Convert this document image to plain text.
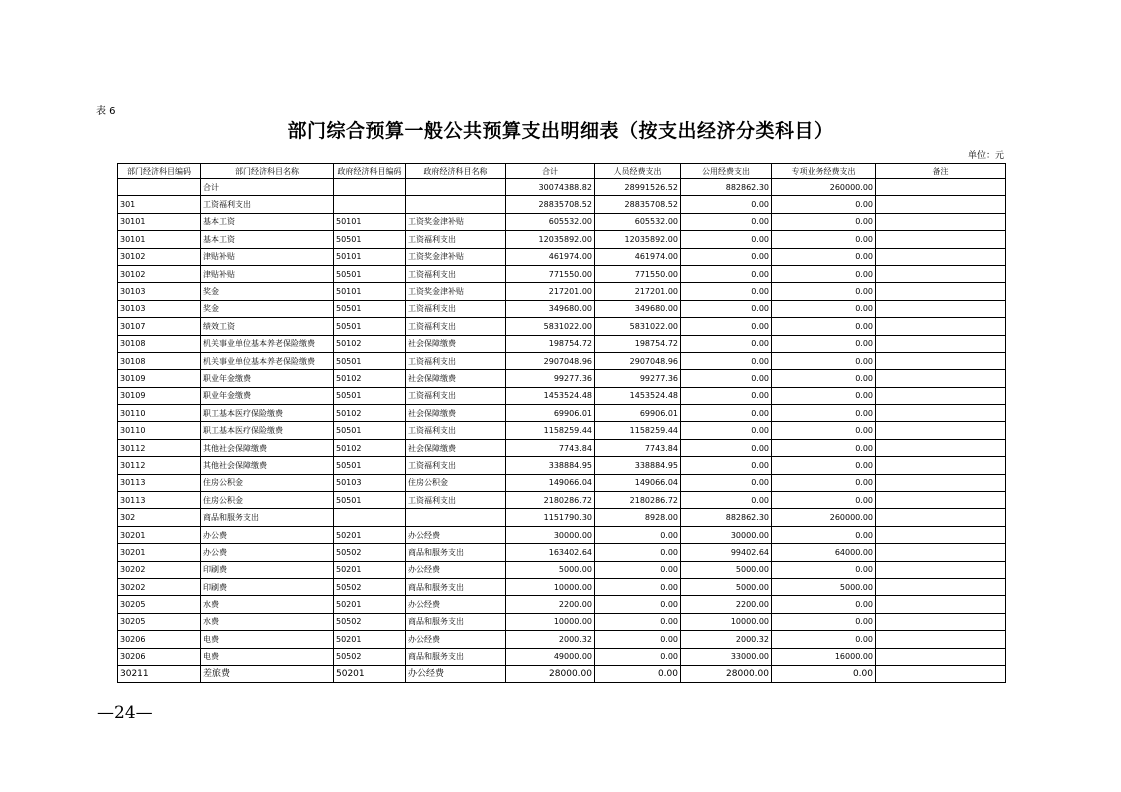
表 6
部门综合预算一般公共预算支出明细表（按支出经济分类科目）
单位：元
部门经济科目编码	部门经济科目名称	政府经济科目编码	政府经济科目名称	合计	人员经费支出	公用经费支出	专项业务经费支出	备注
	合计			30074388.82	28991526.52	882862.30	260000.00	
301	工资福利支出			28835708.52	28835708.52	0.00	0.00	
30101	基本工资	50101	工资奖金津补贴	605532.00	605532.00	0.00	0.00	
30101	基本工资	50501	工资福利支出	12035892.00	12035892.00	0.00	0.00	
30102	津贴补贴	50101	工资奖金津补贴	461974.00	461974.00	0.00	0.00	
30102	津贴补贴	50501	工资福利支出	771550.00	771550.00	0.00	0.00	
30103	奖金	50101	工资奖金津补贴	217201.00	217201.00	0.00	0.00	
30103	奖金	50501	工资福利支出	349680.00	349680.00	0.00	0.00	
30107	绩效工资	50501	工资福利支出	5831022.00	5831022.00	0.00	0.00	
30108	机关事业单位基本养老保险缴费	50102	社会保障缴费	198754.72	198754.72	0.00	0.00	
30108	机关事业单位基本养老保险缴费	50501	工资福利支出	2907048.96	2907048.96	0.00	0.00	
30109	职业年金缴费	50102	社会保障缴费	99277.36	99277.36	0.00	0.00	
30109	职业年金缴费	50501	工资福利支出	1453524.48	1453524.48	0.00	0.00	
30110	职工基本医疗保险缴费	50102	社会保障缴费	69906.01	69906.01	0.00	0.00	
30110	职工基本医疗保险缴费	50501	工资福利支出	1158259.44	1158259.44	0.00	0.00	
30112	其他社会保障缴费	50102	社会保障缴费	7743.84	7743.84	0.00	0.00	
30112	其他社会保障缴费	50501	工资福利支出	338884.95	338884.95	0.00	0.00	
30113	住房公积金	50103	住房公积金	149066.04	149066.04	0.00	0.00	
30113	住房公积金	50501	工资福利支出	2180286.72	2180286.72	0.00	0.00	
302	商品和服务支出			1151790.30	8928.00	882862.30	260000.00	
30201	办公费	50201	办公经费	30000.00	0.00	30000.00	0.00	
30201	办公费	50502	商品和服务支出	163402.64	0.00	99402.64	64000.00	
30202	印刷费	50201	办公经费	5000.00	0.00	5000.00	0.00	
30202	印刷费	50502	商品和服务支出	10000.00	0.00	5000.00	5000.00	
30205	水费	50201	办公经费	2200.00	0.00	2200.00	0.00	
30205	水费	50502	商品和服务支出	10000.00	0.00	10000.00	0.00	
30206	电费	50201	办公经费	2000.32	0.00	2000.32	0.00	
30206	电费	50502	商品和服务支出	49000.00	0.00	33000.00	16000.00	
30211	差旅费	50201	办公经费	28000.00	0.00	28000.00	0.00	
—24—
